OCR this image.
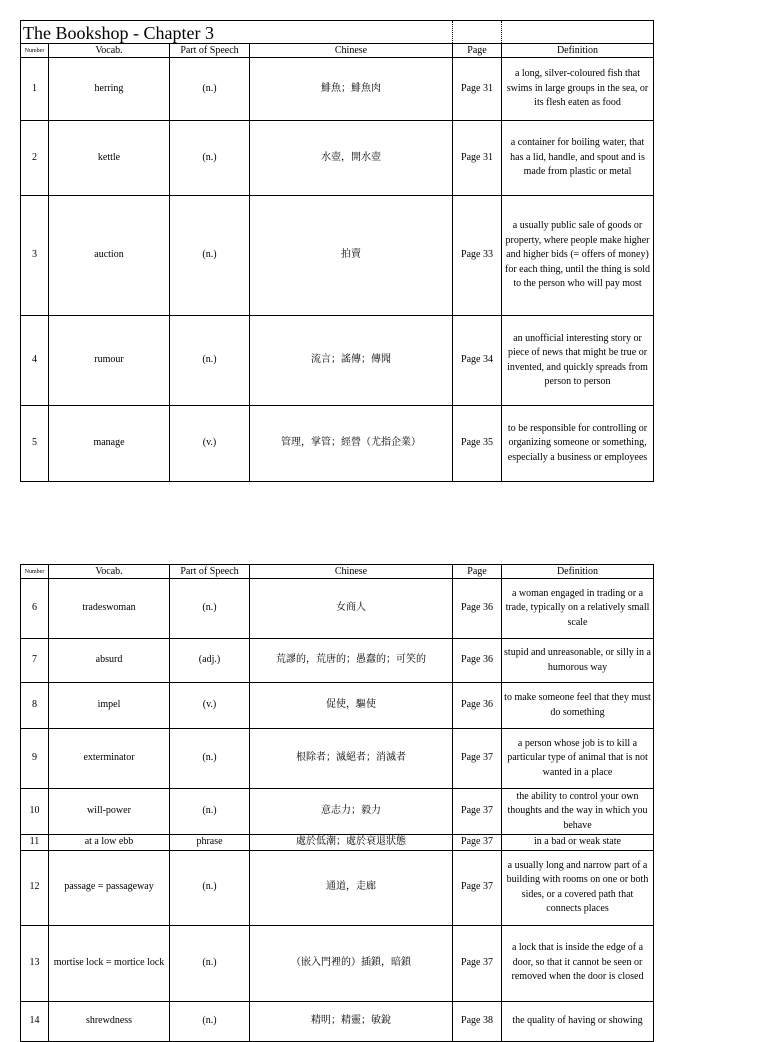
The Bookshop - Chapter 3					
Number	Vocab.	Part of Speech	Chinese	Page	Definition
1	herring	(n.)	鯡魚；鯡魚肉	Page 31	a long, silver-coloured fish that swims in large groups in the sea, or its flesh eaten as food
2	kettle	(n.)	水壺，開水壺	Page 31	a container for boiling water, that has a lid, handle, and spout and is made from plastic or metal
3	auction	(n.)	拍賣	Page 33	a usually public sale of goods or property, where people make higher and higher bids (= offers of money) for each thing, until the thing is sold to the person who will pay most
4	rumour	(n.)	流言；謠傳；傳聞	Page 34	an unofficial interesting story or piece of news that might be true or invented, and quickly spreads from person to person
5	manage	(v.)	管理，掌管；經營（尤指企業）	Page 35	to be responsible for controlling or organizing someone or something, especially a business or employees
Number	Vocab.	Part of Speech	Chinese	Page	Definition
6	tradeswoman	(n.)	女商人	Page 36	a woman engaged in trading or a trade, typically on a relatively small scale
7	absurd	(adj.)	荒謬的，荒唐的；愚蠢的；可笑的	Page 36	stupid and unreasonable, or silly in a humorous way
8	impel	(v.)	促使，驅使	Page 36	to make someone feel that they must do something
9	exterminator	(n.)	根除者；滅絕者；消滅者	Page 37	a person whose job is to kill a particular type of animal that is not wanted in a place
10	will-power	(n.)	意志力；毅力	Page 37	the ability to control your own thoughts and the way in which you behave
11	at a low ebb	phrase	處於低潮；處於衰退狀態	Page 37	in a bad or weak state
12	passage = passageway	(n.)	通道，走廊	Page 37	a usually long and narrow part of a building with rooms on one or both sides, or a covered path that connects places
13	mortise lock = mortice lock	(n.)	（嵌入門裡的）插鎖，暗鎖	Page 37	a lock that is inside the edge of a door, so that it cannot be seen or removed when the door is closed
14	shrewdness	(n.)	精明；精靈；敏銳	Page 38	the quality of having or showing
